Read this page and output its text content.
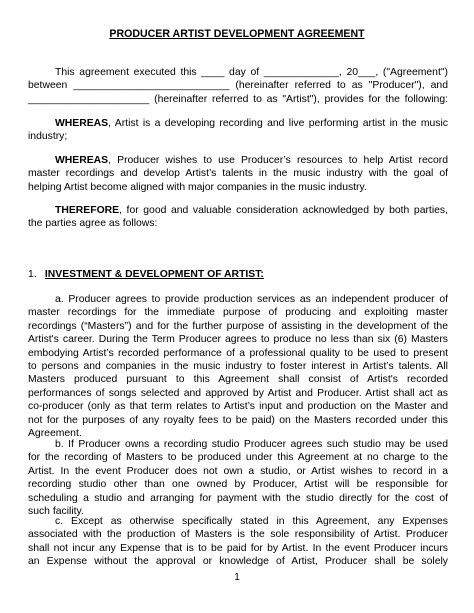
PRODUCER ARTIST DEVELOPMENT AGREEMENT
This agreement executed this ____ day of _____________, 20___, ("Agreement")
between ___________________________ (hereinafter referred to as "Producer"), and
_____________________ (hereinafter referred to as "Artist"), provides for the following:
WHEREAS, Artist is a developing recording and live performing artist in the music
industry;
WHEREAS, Producer wishes to use Producer’s resources to help Artist record
master recordings and develop Artist’s talents in the music industry with the goal of
helping Artist become aligned with major companies in the music industry.
THEREFORE, for good and valuable consideration acknowledged by both parties,
the parties agree as follows:
1. INVESTMENT & DEVELOPMENT OF ARTIST:
a. Producer agrees to provide production services as an independent producer of
master recordings for the immediate purpose of producing and exploiting master
recordings (“Masters”) and for the further purpose of assisting in the development of the
Artist's career. During the Term Producer agrees to produce no less than six (6) Masters
embodying Artist’s recorded performance of a professional quality to be used to present
to persons and companies in the music industry to foster interest in Artist’s talents. All
Masters produced pursuant to this Agreement shall consist of Artist's recorded
performances of songs selected and approved by Artist and Producer. Artist shall act as
co-producer (only as that term relates to Artist’s input and production on the Master and
not for the purposes of any royalty fees to be paid) on the Masters recorded under this
Agreement.
b. If Producer owns a recording studio Producer agrees such studio may be used
for the recording of Masters to be produced under this Agreement at no charge to the
Artist. In the event Producer does not own a studio, or Artist wishes to record in a
recording studio other than one owned by Producer, Artist will be responsible for
scheduling a studio and arranging for payment with the studio directly for the cost of
such facility.
c. Except as otherwise specifically stated in this Agreement, any Expenses
associated with the production of Masters is the sole responsibility of Artist. Producer
shall not incur any Expense that is to be paid for by Artist. In the event Producer incurs
an Expense without the approval or knowledge of Artist, Producer shall be solely
1
